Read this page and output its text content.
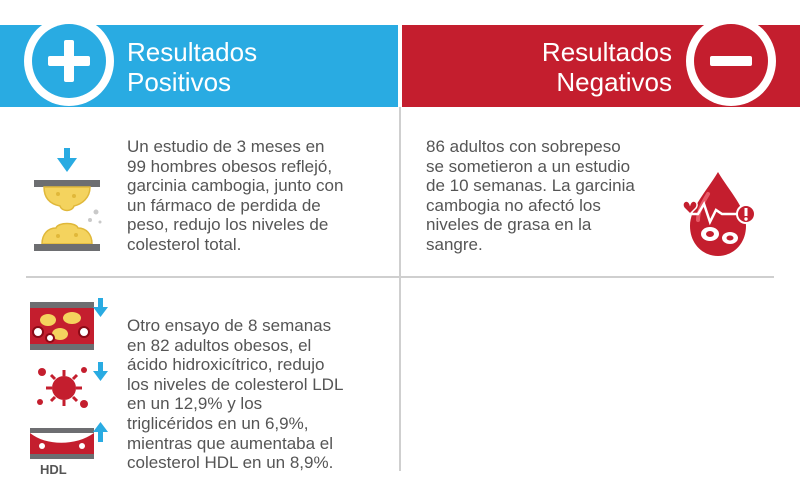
Resultados
Positivos
Resultados
Negativos
Un estudio de 3 meses en
99 hombres obesos reflejó,
garcinia cambogia, junto con
un fármaco de perdida de
peso, redujo los niveles de
colesterol total.
HDL
Otro ensayo de 8 semanas
en 82 adultos obesos, el
ácido hidroxicítrico, redujo
los niveles de colesterol LDL
en un 12,9% y los
triglicéridos en un 6,9%,
mientras que aumentaba el
colesterol HDL en un 8,9%.
86 adultos con sobrepeso
se sometieron a un estudio
de 10 semanas. La garcinia
cambogia no afectó los
niveles de grasa en la
sangre.
